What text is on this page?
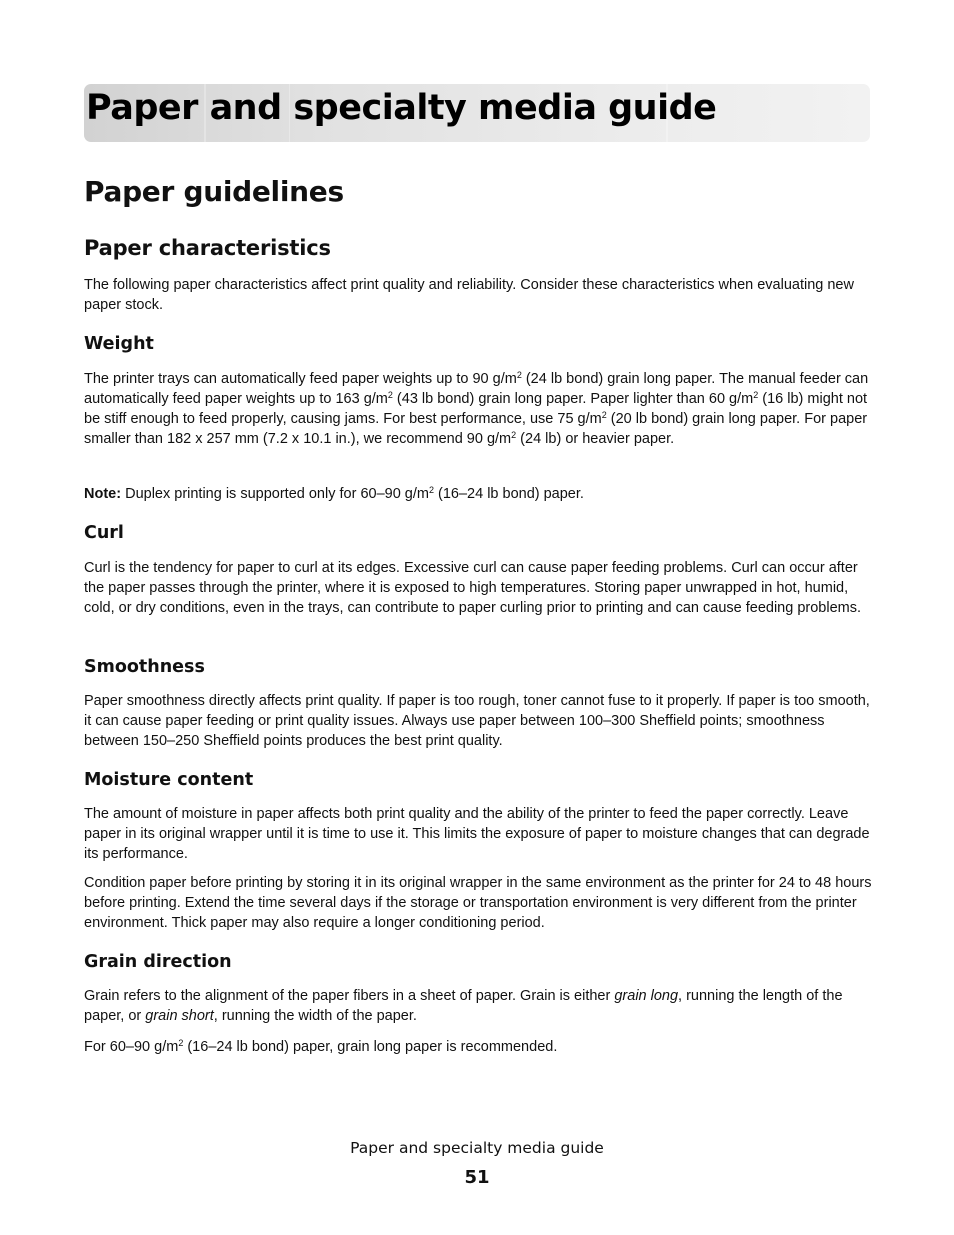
Paper and specialty media guide
Paper guidelines
Paper characteristics

The following paper characteristics affect print quality and reliability. Consider these characteristics when evaluating new paper stock.

Weight

The printer trays can automatically feed paper weights up to 90 $g/m^2$ (24 lb bond) grain long paper. The manual feeder can automatically feed paper weights up to 163 $g/m^2$ (43 lb bond) grain long paper. Paper lighter than 60 $g/m^2$ (16 lb) might not be stiff enough to feed properly, causing jams. For best performance, use 75 $g/m^2$ (20 lb bond) grain long paper. For paper smaller than 182 x 257 mm (7.2 x 10.1 in.), we recommend 90 $g/m^2$ (24 lb) or heavier paper.

Note: Duplex printing is supported only for 60–90 $g/m^2$ (16–24 lb bond) paper.

Curl

Curl is the tendency for paper to curl at its edges. Excessive curl can cause paper feeding problems. Curl can occur after the paper passes through the printer, where it is exposed to high temperatures. Storing paper unwrapped in hot, humid, cold, or dry conditions, even in the trays, can contribute to paper curling prior to printing and can cause feeding problems.

Smoothness

Paper smoothness directly affects print quality. If paper is too rough, toner cannot fuse to it properly. If paper is too smooth, it can cause paper feeding or print quality issues. Always use paper between 100–300 Sheffield points; smoothness between 150–250 Sheffield points produces the best print quality.

Moisture content

The amount of moisture in paper affects both print quality and the ability of the printer to feed the paper correctly. Leave paper in its original wrapper until it is time to use it. This limits the exposure of paper to moisture changes that can degrade its performance.

Condition paper before printing by storing it in its original wrapper in the same environment as the printer for 24 to 48 hours before printing. Extend the time several days if the storage or transportation environment is very different from the printer environment. Thick paper may also require a longer conditioning period.

Grain direction

Grain refers to the alignment of the paper fibers in a sheet of paper. Grain is either grain long, running the length of the paper, or grain short, running the width of the paper.

For 60–90 $g/m^2$ (16–24 lb bond) paper, grain long paper is recommended.

Paper and specialty media guide

51
